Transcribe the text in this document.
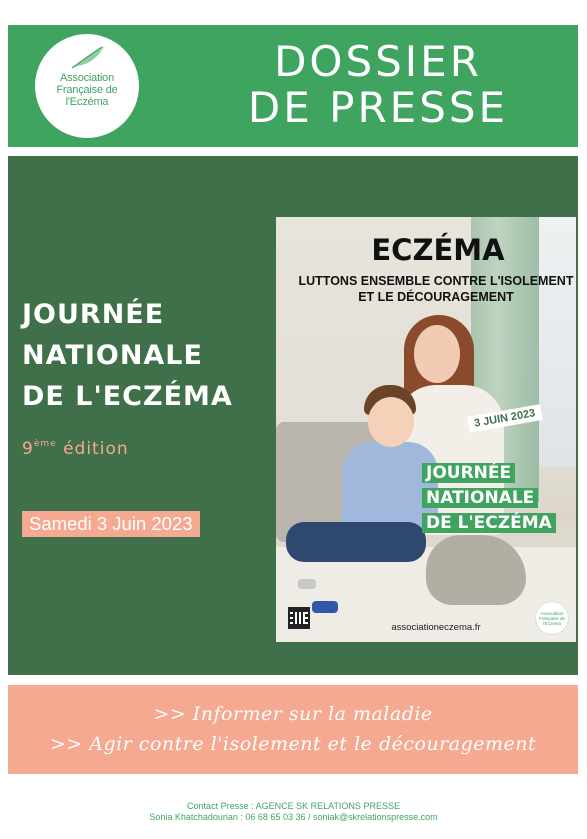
Association
Française de
l'Eczéma
DOSSIER
DE PRESSE
JOURNÉE
NATIONALE
DE L'ECZÉMA
9ème édition
Samedi 3 Juin 2023
ECZÉMA
LUTTONS ENSEMBLE CONTRE L'ISOLEMENT
ET LE DÉCOURAGEMENT
3 JUIN 2023
JOURNÉE
NATIONALE
DE L'ECZÉMA
associationeczema.fr
Association
Française de
l'Eczéma
>> Informer sur la maladie
>> Agir contre l'isolement et le découragement
Contact Presse : AGENCE SK RELATIONS PRESSE
Sonia Khatchadourian : 06 68 65 03 36 / soniak@skrelationspresse.com
